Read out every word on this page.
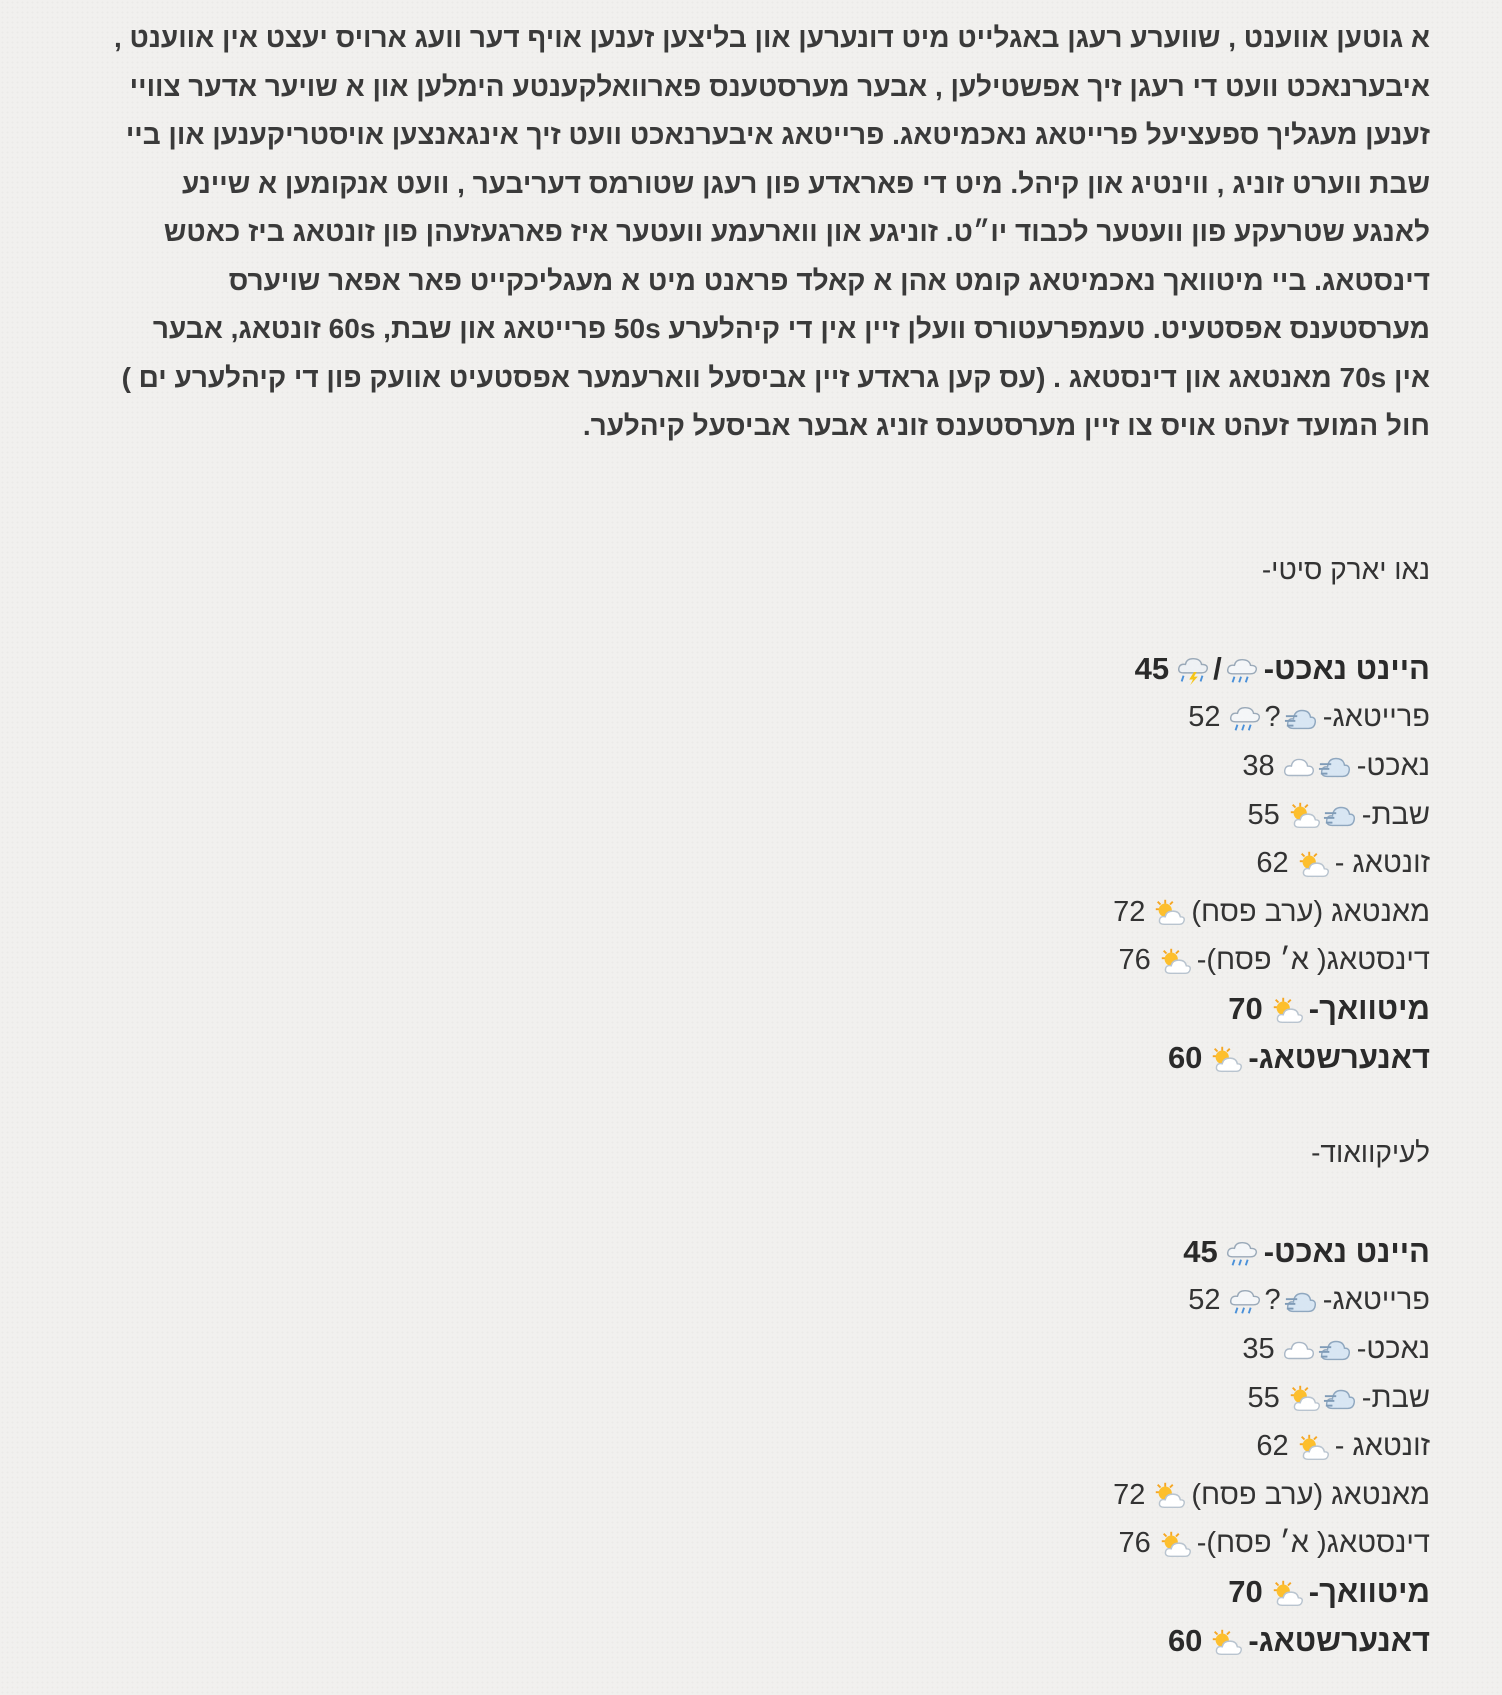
א גוטען אווענט , שווערע רעגן באגלייט מיט דונערען און בליצען זענען אויף דער וועג ארויס יעצט אין אווענט , איבערנאכט וועט די רעגן זיך אפשטילען , אבער מערסטענס פארוואלקענטע הימלען און א שויער אדער צוויי זענען מעגליך ספעציעל פרייטאג נאכמיטאג. פרייטאג איבערנאכט וועט זיך אינגאנצען אויסטריקענען און ביי שבת ווערט זוניג , ווינטיג און קיהל. מיט די פאראדע פון רעגן שטורמס דעריבער , וועט אנקומען א שיינע לאנגע שטרעקע פון וועטער לכבוד יו״ט. זוניגע און ווארעמע וועטער איז פארגעזעהן פון זונטאג ביז כאטש דינסטאג. ביי מיטוואך נאכמיטאג קומט אהן א קאלד פראנט מיט א מעגליכקייט פאר אפאר שויערס מערסטענס אפסטעיט. טעמפרעטורס וועלן זיין אין די קיהלערע 50s פרייטאג און שבת, 60s זונטאג, אבער אין 70s מאנטאג און דינסטאג . (עס קען גראדע זיין אביסעל ווארעמער אפסטעיט אוועק פון די קיהלערע ים ) חול המועד זעהט אויס צו זיין מערסטענס זוניג אבער אביסעל קיהלער.

נאו יארק סיטי-
היינט נאכט-
/
45
פרייטאג-
?
52
נאכט-
38
שבת-
55
זונטאג -
62
מאנטאג (ערב פסח)
72
דינסטאג( א׳ פסח)-
76
מיטוואך-
70
דאנערשטאג-
60
לעיקוואוד-
היינט נאכט-
45
פרייטאג-
?
52
נאכט-
35
שבת-
55
זונטאג -
62
מאנטאג (ערב פסח)
72
דינסטאג( א׳ פסח)-
76
מיטוואך-
70
דאנערשטאג-
60
